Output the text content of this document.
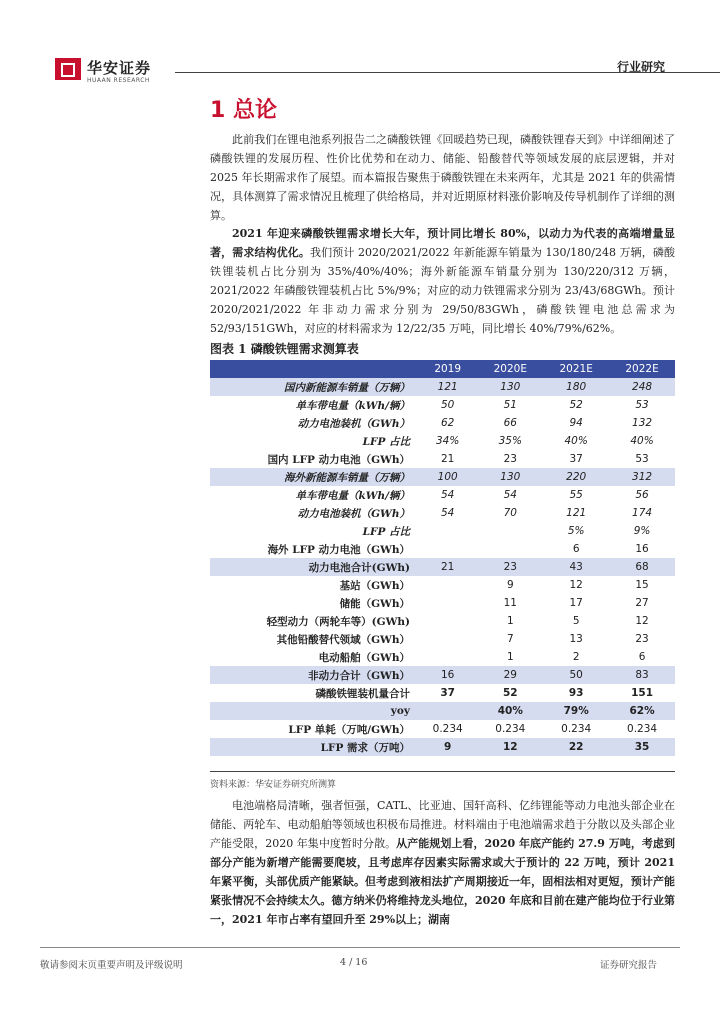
华安证券
HUAAN RESEARCH
行业研究
1 总论
此前我们在锂电池系列报告二之磷酸铁锂《回暖趋势已现，磷酸铁锂春天到》中详细阐述了磷酸铁锂的发展历程、性价比优势和在动力、储能、铅酸替代等领域发展的底层逻辑，并对 2025 年长期需求作了展望。而本篇报告聚焦于磷酸铁锂在未来两年，尤其是 2021 年的供需情况，具体测算了需求情况且梳理了供给格局，并对近期原材料涨价影响及传导机制作了详细的测算。
2021 年迎来磷酸铁锂需求增长大年，预计同比增长 80%，以动力为代表的高端增量显著，需求结构优化。我们预计 2020/2021/2022 年新能源车销量为 130/180/248 万辆，磷酸铁锂装机占比分别为 35%/40%/40%；海外新能源车销量分别为 130/220/312 万辆，2021/2022 年磷酸铁锂装机占比 5%/9%；对应的动力铁锂需求分别为 23/43/68GWh。预计 2020/2021/2022 年非动力需求分别为 29/50/83GWh，磷酸铁锂电池总需求为 52/93/151GWh，对应的材料需求为 12/22/35 万吨，同比增长 40%/79%/62%。
图表 1 磷酸铁锂需求测算表
	2019	2020E	2021E	2022E
国内新能源车销量（万辆）	121	130	180	248
单车带电量（kWh/辆）	50	51	52	53
动力电池装机（GWh）	62	66	94	132
LFP 占比	34%	35%	40%	40%
国内 LFP 动力电池（GWh）	21	23	37	53
海外新能源车销量（万辆）	100	130	220	312
单车带电量（kWh/辆）	54	54	55	56
动力电池装机（GWh）	54	70	121	174
LFP 占比			5%	9%
海外 LFP 动力电池（GWh）			6	16
动力电池合计(GWh)	21	23	43	68
基站（GWh）		9	12	15
储能（GWh）		11	17	27
轻型动力（两轮车等）(GWh)		1	5	12
其他铅酸替代领域（GWh）		7	13	23
电动船舶（GWh）		1	2	6
非动力合计（GWh）	16	29	50	83
磷酸铁锂装机量合计	37	52	93	151
yoy		40%	79%	62%
LFP 单耗（万吨/GWh）	0.234	0.234	0.234	0.234
LFP 需求（万吨）	9	12	22	35
资料来源：华安证券研究所测算
电池端格局清晰，强者恒强，CATL、比亚迪、国轩高科、亿纬锂能等动力电池头部企业在储能、两轮车、电动船舶等领域也积极布局推进。材料端由于电池端需求趋于分散以及头部企业产能受限，2020 年集中度暂时分散。从产能规划上看，2020 年底产能约 27.9 万吨，考虑到部分产能为新增产能需要爬坡，且考虑库存因素实际需求或大于预计的 22 万吨，预计 2021 年紧平衡，头部优质产能紧缺。但考虑到液相法扩产周期接近一年，固相法相对更短，预计产能紧张情况不会持续太久。德方纳米仍将维持龙头地位，2020 年底和目前在建产能均位于行业第一，2021 年市占率有望回升至 29%以上；湖南
敬请参阅末页重要声明及评级说明	4 / 16	证券研究报告
